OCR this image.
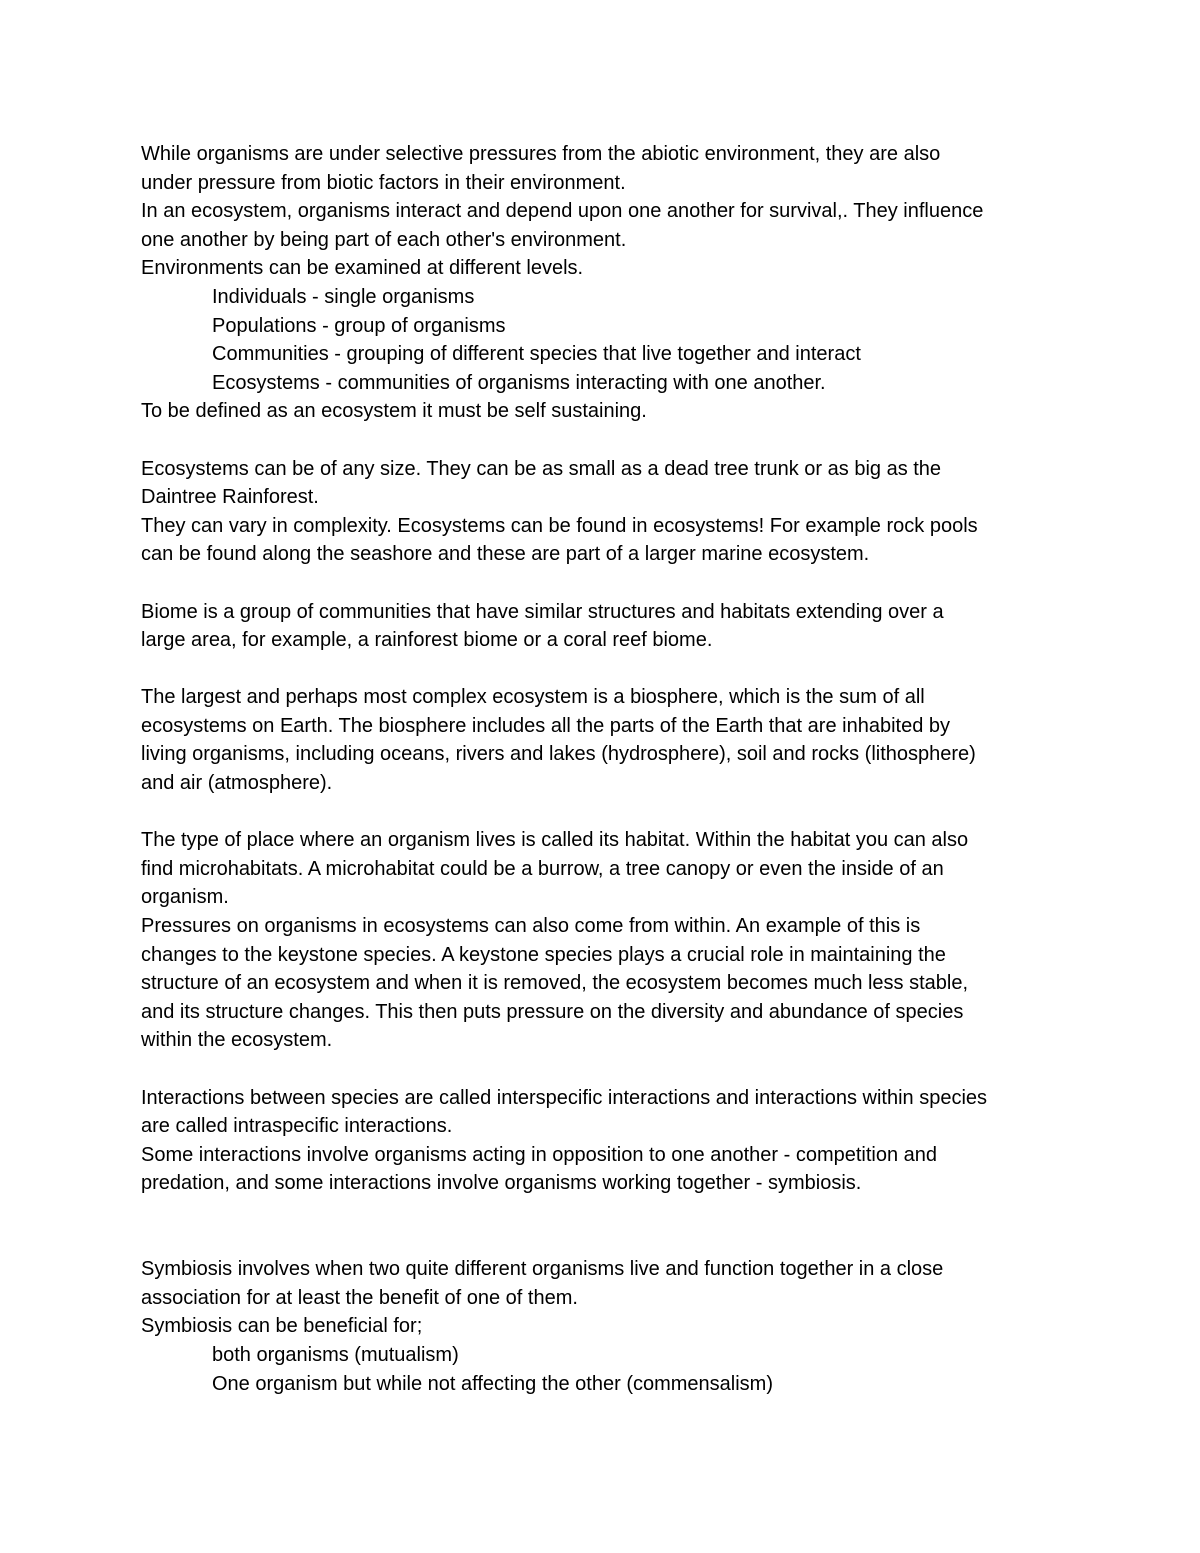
While organisms are under selective pressures from the abiotic environment, they are also
under pressure from biotic factors in their environment.
In an ecosystem, organisms interact and depend upon one another for survival,. They influence
one another by being part of each other's environment.
Environments can be examined at different levels.
Individuals - single organisms
Populations - group of organisms
Communities - grouping of different species that live together and interact
Ecosystems - communities of organisms interacting with one another.
To be defined as an ecosystem it must be self sustaining.
Ecosystems can be of any size. They can be as small as a dead tree trunk or as big as the
Daintree Rainforest.
They can vary in complexity. Ecosystems can be found in ecosystems! For example rock pools
can be found along the seashore and these are part of a larger marine ecosystem.
Biome is a group of communities that have similar structures and habitats extending over a
large area, for example, a rainforest biome or a coral reef biome.
The largest and perhaps most complex ecosystem is a biosphere, which is the sum of all
ecosystems on Earth. The biosphere includes all the parts of the Earth that are inhabited by
living organisms, including oceans, rivers and lakes (hydrosphere), soil and rocks (lithosphere)
and air (atmosphere).
The type of place where an organism lives is called its habitat. Within the habitat you can also
find microhabitats. A microhabitat could be a burrow, a tree canopy or even the inside of an
organism.
Pressures on organisms in ecosystems can also come from within. An example of this is
changes to the keystone species. A keystone species plays a crucial role in maintaining the
structure of an ecosystem and when it is removed, the ecosystem becomes much less stable,
and its structure changes. This then puts pressure on the diversity and abundance of species
within the ecosystem.
Interactions between species are called interspecific interactions and interactions within species
are called intraspecific interactions.
Some interactions involve organisms acting in opposition to one another - competition and
predation, and some interactions involve organisms working together - symbiosis.
Symbiosis involves when two quite different organisms live and function together in a close
association for at least the benefit of one of them.
Symbiosis can be beneficial for;
both organisms (mutualism)
One organism but while not affecting the other (commensalism)
